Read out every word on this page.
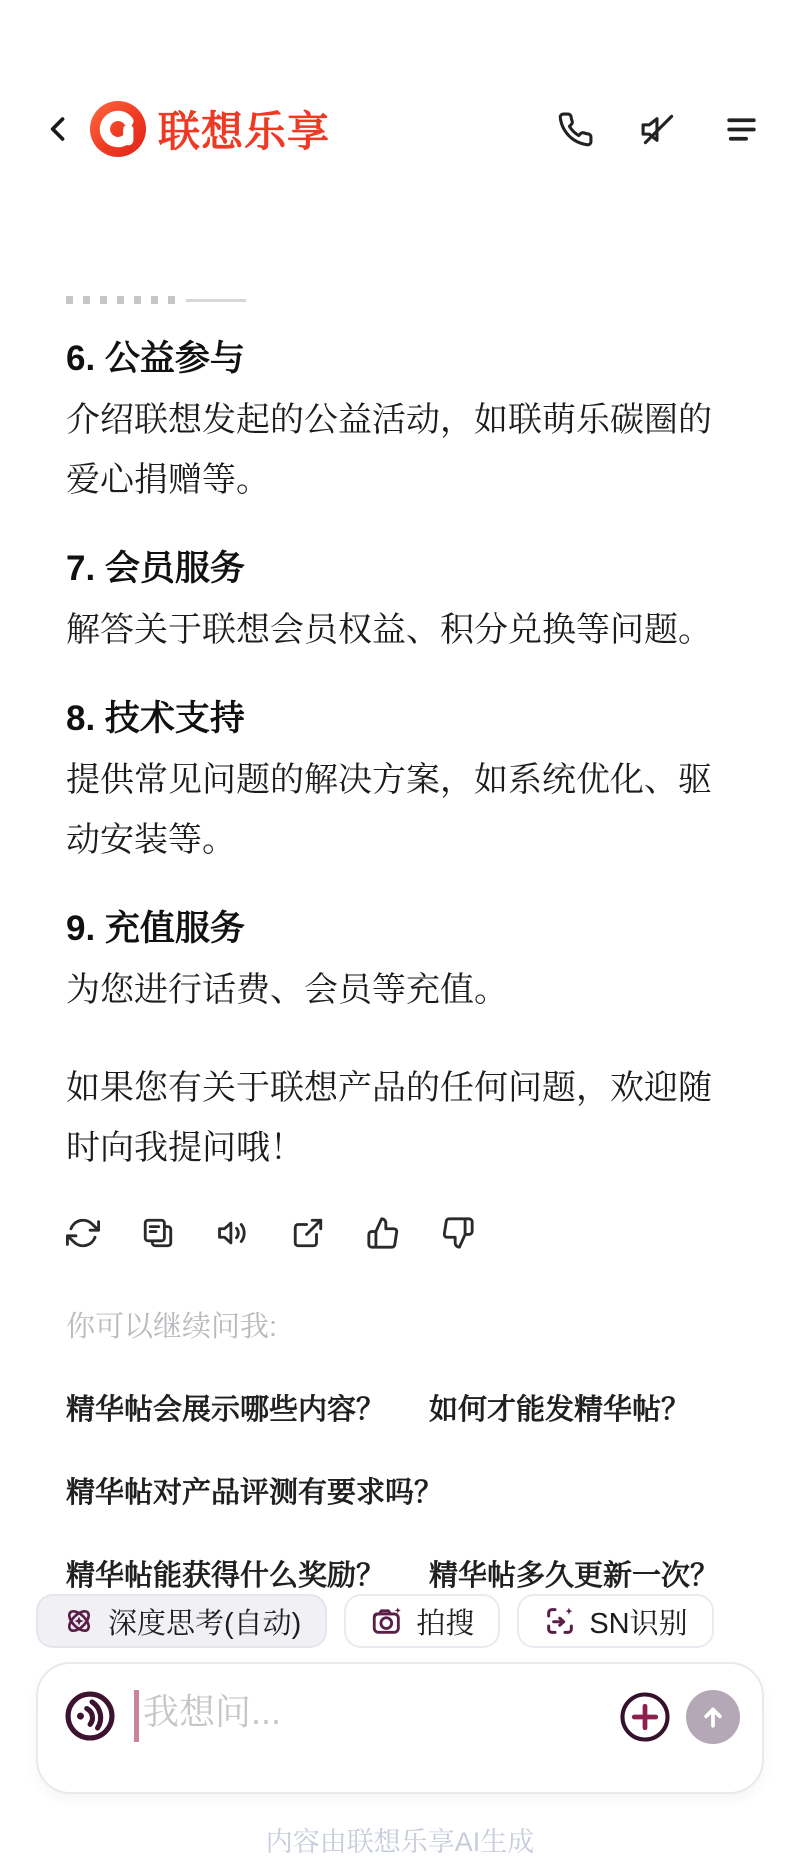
联想乐享
6. 公益参与

介绍联想发起的公益活动，如联萌乐碳圈的爱心捐赠等。

7. 会员服务

解答关于联想会员权益、积分兑换等问题。

8. 技术支持

提供常见问题的解决方案，如系统优化、驱动安装等。

9. 充值服务

为您进行话费、会员等充值。

如果您有关于联想产品的任何问题，欢迎随时向我提问哦！

你可以继续问我:
精华帖会展示哪些内容？	如何才能发精华帖？
精华帖对产品评测有要求吗？
精华帖能获得什么奖励？	精华帖多久更新一次？
深度思考(自动)	拍搜	SN识别
我想问...
内容由联想乐享AI生成
